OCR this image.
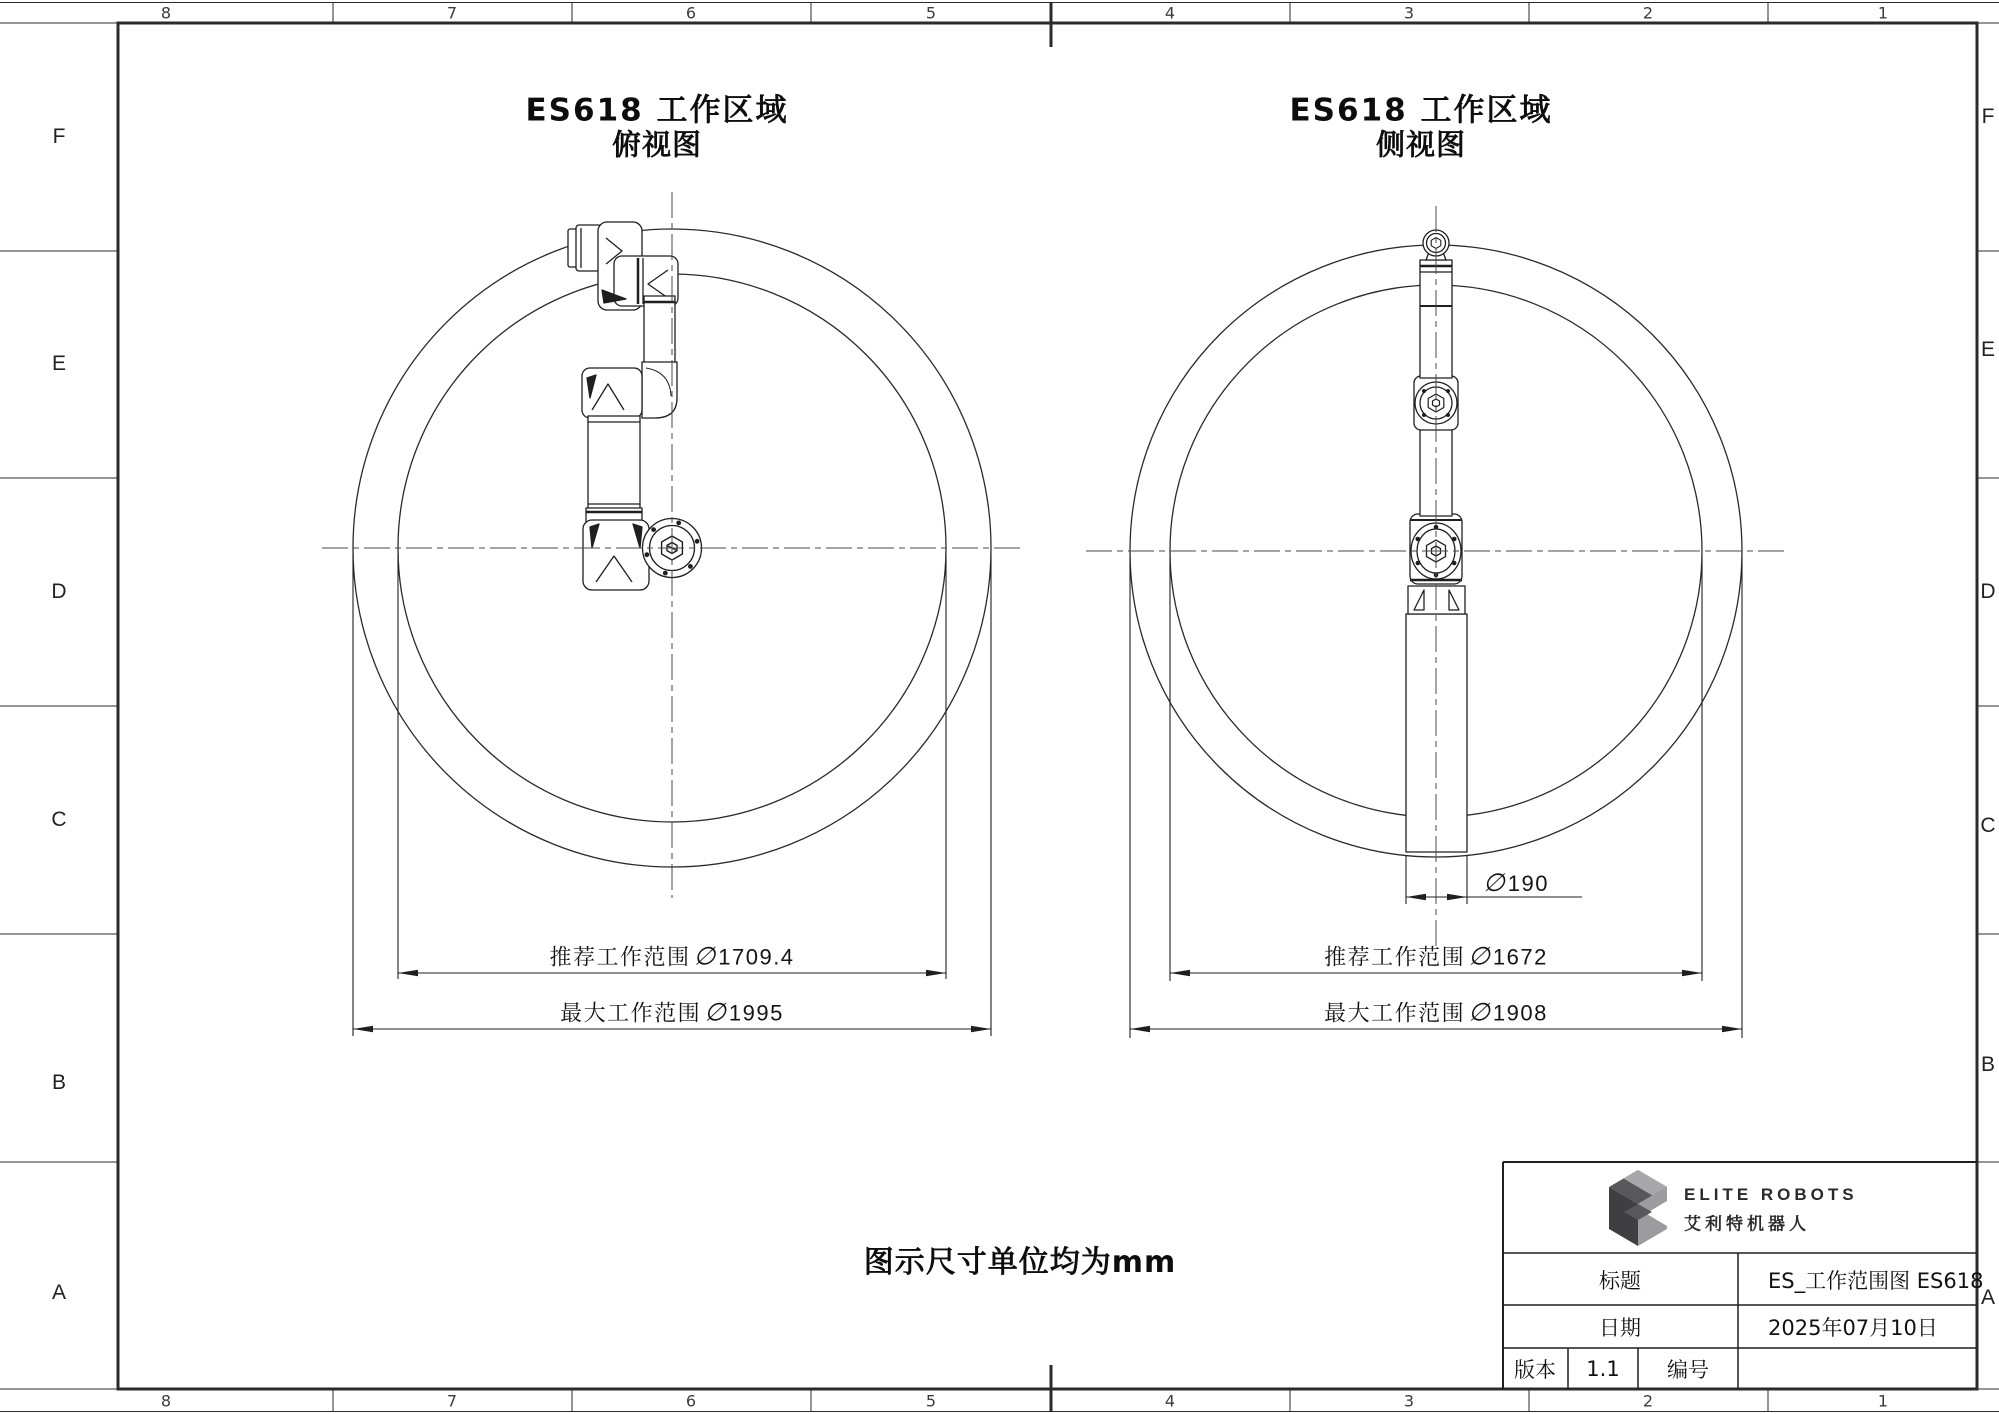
8	7	6	5	4	3	2	1
8	7	6	5	4	3	2	1
F
E
D
C
B
A
F
E
D
C
B
A
ES618 工作区域
俯视图
ES618 工作区域
侧视图
推荐工作范围 ∅ 1709.4
最大工作范围 ∅ 1995
推荐工作范围 ∅ 1672
最大工作范围 ∅ 1908
∅ 190
图示尺寸单位均为mm
ELITE ROBOTS
艾利特机器人
标题	ES_工作范围图 ES618
日期	2025年07月10日
版本 1.1 编号
